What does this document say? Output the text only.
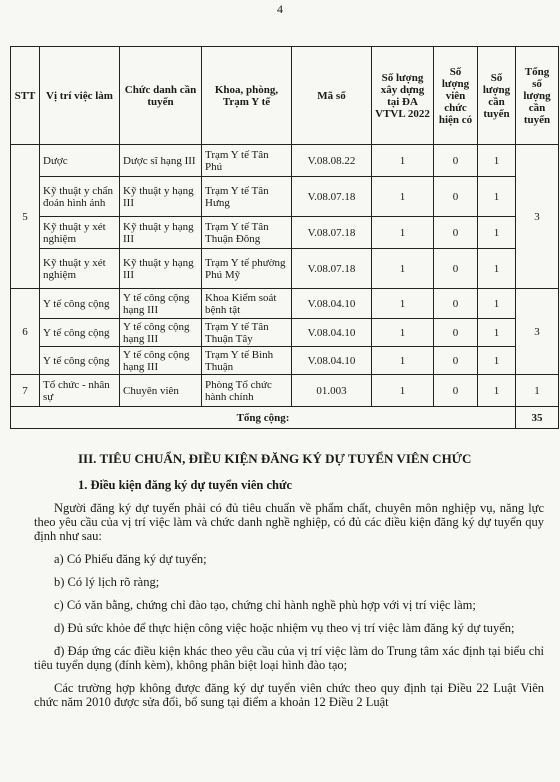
4
STT	Vị trí việc làm	Chức danh cần tuyển	Khoa, phòng, Trạm Y tế	Mã số	Số lượng xây dựng tại ĐA VTVL 2022	Số lượng viên chức hiện có	Số lượng cần tuyển	Tổng số lượng cần tuyển
5	Dược	Dược sĩ hạng III	Trạm Y tế Tân Phú	V.08.08.22	1	0	1	3
	Kỹ thuật y chẩn đoán hình ảnh	Kỹ thuật y hạng III	Trạm Y tế Tân Hưng	V.08.07.18	1	0	1	
	Kỹ thuật y xét nghiệm	Kỹ thuật y hạng III	Trạm Y tế Tân Thuận Đông	V.08.07.18	1	0	1	
	Kỹ thuật y xét nghiệm	Kỹ thuật y hạng III	Trạm Y tế phường Phú Mỹ	V.08.07.18	1	0	1	
6	Y tế công cộng	Y tế công cộng hạng III	Khoa Kiểm soát bệnh tật	V.08.04.10	1	0	1	3
	Y tế công cộng	Y tế công cộng hạng III	Trạm Y tế Tân Thuận Tây	V.08.04.10	1	0	1	
	Y tế công cộng	Y tế công cộng hạng III	Trạm Y tế Bình Thuận	V.08.04.10	1	0	1	
7	Tổ chức - nhân sự	Chuyên viên	Phòng Tổ chức hành chính	01.003	1	0	1	1
Tổng cộng:								35
III. TIÊU CHUẨN, ĐIỀU KIỆN ĐĂNG KÝ DỰ TUYỂN VIÊN CHỨC
1. Điều kiện đăng ký dự tuyển viên chức

Người đăng ký dự tuyển phải có đủ tiêu chuẩn về phẩm chất, chuyên môn nghiệp vụ, năng lực theo yêu cầu của vị trí việc làm và chức danh nghề nghiệp, có đủ các điều kiện đăng ký dự tuyển quy định như sau:

a) Có Phiếu đăng ký dự tuyển;

b) Có lý lịch rõ ràng;

c) Có văn bằng, chứng chỉ đào tạo, chứng chỉ hành nghề phù hợp với vị trí việc làm;

d) Đủ sức khỏe để thực hiện công việc hoặc nhiệm vụ theo vị trí việc làm đăng ký dự tuyển;

đ) Đáp ứng các điều kiện khác theo yêu cầu của vị trí việc làm do Trung tâm xác định tại biểu chỉ tiêu tuyển dụng (đính kèm), không phân biệt loại hình đào tạo;

Các trường hợp không được đăng ký dự tuyển viên chức theo quy định tại Điều 22 Luật Viên chức năm 2010 được sửa đổi, bổ sung tại điểm a khoản 12 Điều 2 Luật
